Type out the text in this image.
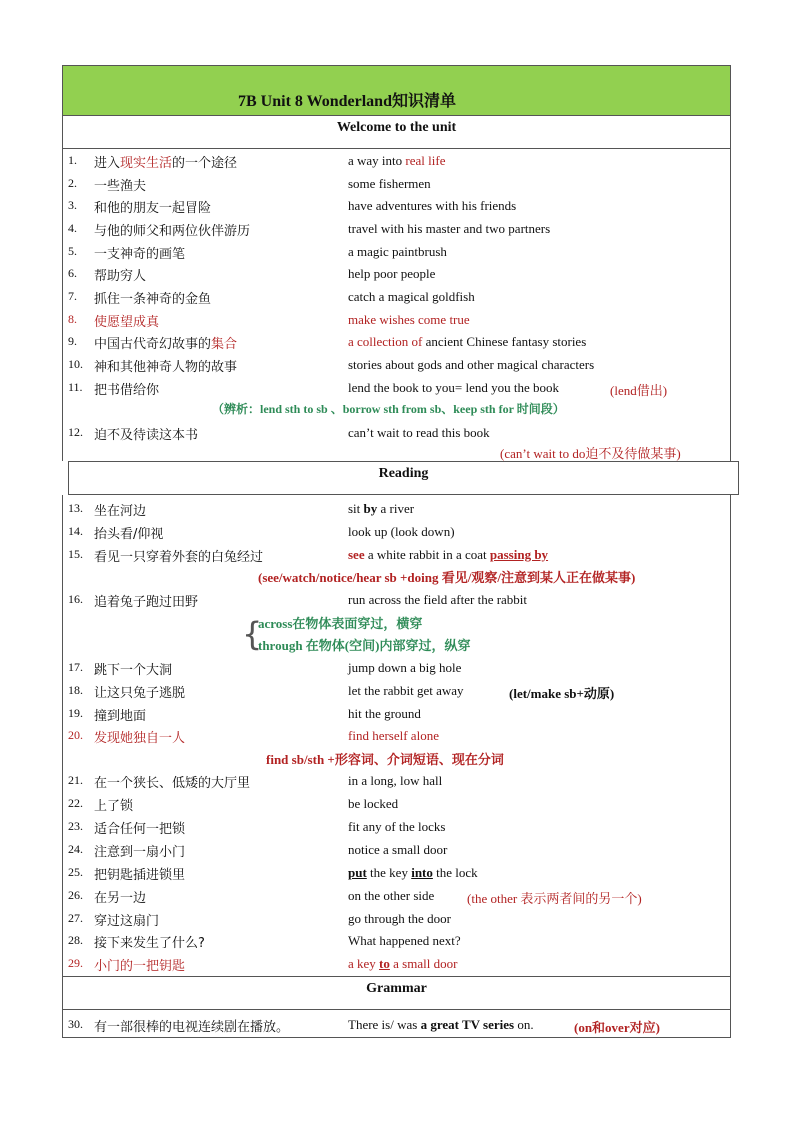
7B Unit 8 Wonderland知识清单
Welcome to the unit
1. 进入现实生活的一个途径	a way into real life
2. 一些渔夫	some fishermen
3. 和他的朋友一起冒险	have adventures with his friends
4. 与他的师父和两位伙伴游历	travel with his master and two partners
5. 一支神奇的画笔	a magic paintbrush
6. 帮助穷人	help poor people
7. 抓住一条神奇的金鱼	catch a magical goldfish
8. 使愿望成真	make wishes come true
9. 中国古代奇幻故事的集合	a collection of ancient Chinese fantasy stories
10. 神和其他神奇人物的故事	stories about gods and other magical characters
11. 把书借给你	lend the book to you= lend you the book	(lend借出)
（辨析：lend sth to sb 、borrow sth from sb、keep sth for 时间段）
12. 迫不及待读这本书	can’t wait to read this book
(can’t wait to do迫不及待做某事)
Reading
13. 坐在河边	sit by a river
14. 抬头看/仰视	look up (look down)
15. 看见一只穿着外套的白兔经过	see a white rabbit in a coat passing by
(see/watch/notice/hear sb +doing 看见/观察/注意到某人正在做某事)
16. 追着兔子跑过田野	run across the field after the rabbit
{
across在物体表面穿过，横穿
through 在物体(空间)内部穿过，纵穿
17. 跳下一个大洞	jump down a big hole
18. 让这只兔子逃脱	let the rabbit get away	(let/make sb+动原)
19. 撞到地面	hit the ground
20. 发现她独自一人	find herself alone
find sb/sth +形容词、介词短语、现在分词
21. 在一个狭长、低矮的大厅里	in a long, low hall
22. 上了锁	be locked
23. 适合任何一把锁	fit any of the locks
24. 注意到一扇小门	notice a small door
25. 把钥匙插进锁里	put the key into the lock
26. 在另一边	on the other side	(the other 表示两者间的另一个)
27. 穿过这扇门	go through the door
28. 接下来发生了什么?	What happened next?
29. 小门的一把钥匙	a key to a small door
Grammar
30. 有一部很棒的电视连续剧在播放。	There is/ was a great TV series on.	(on和over对应)
